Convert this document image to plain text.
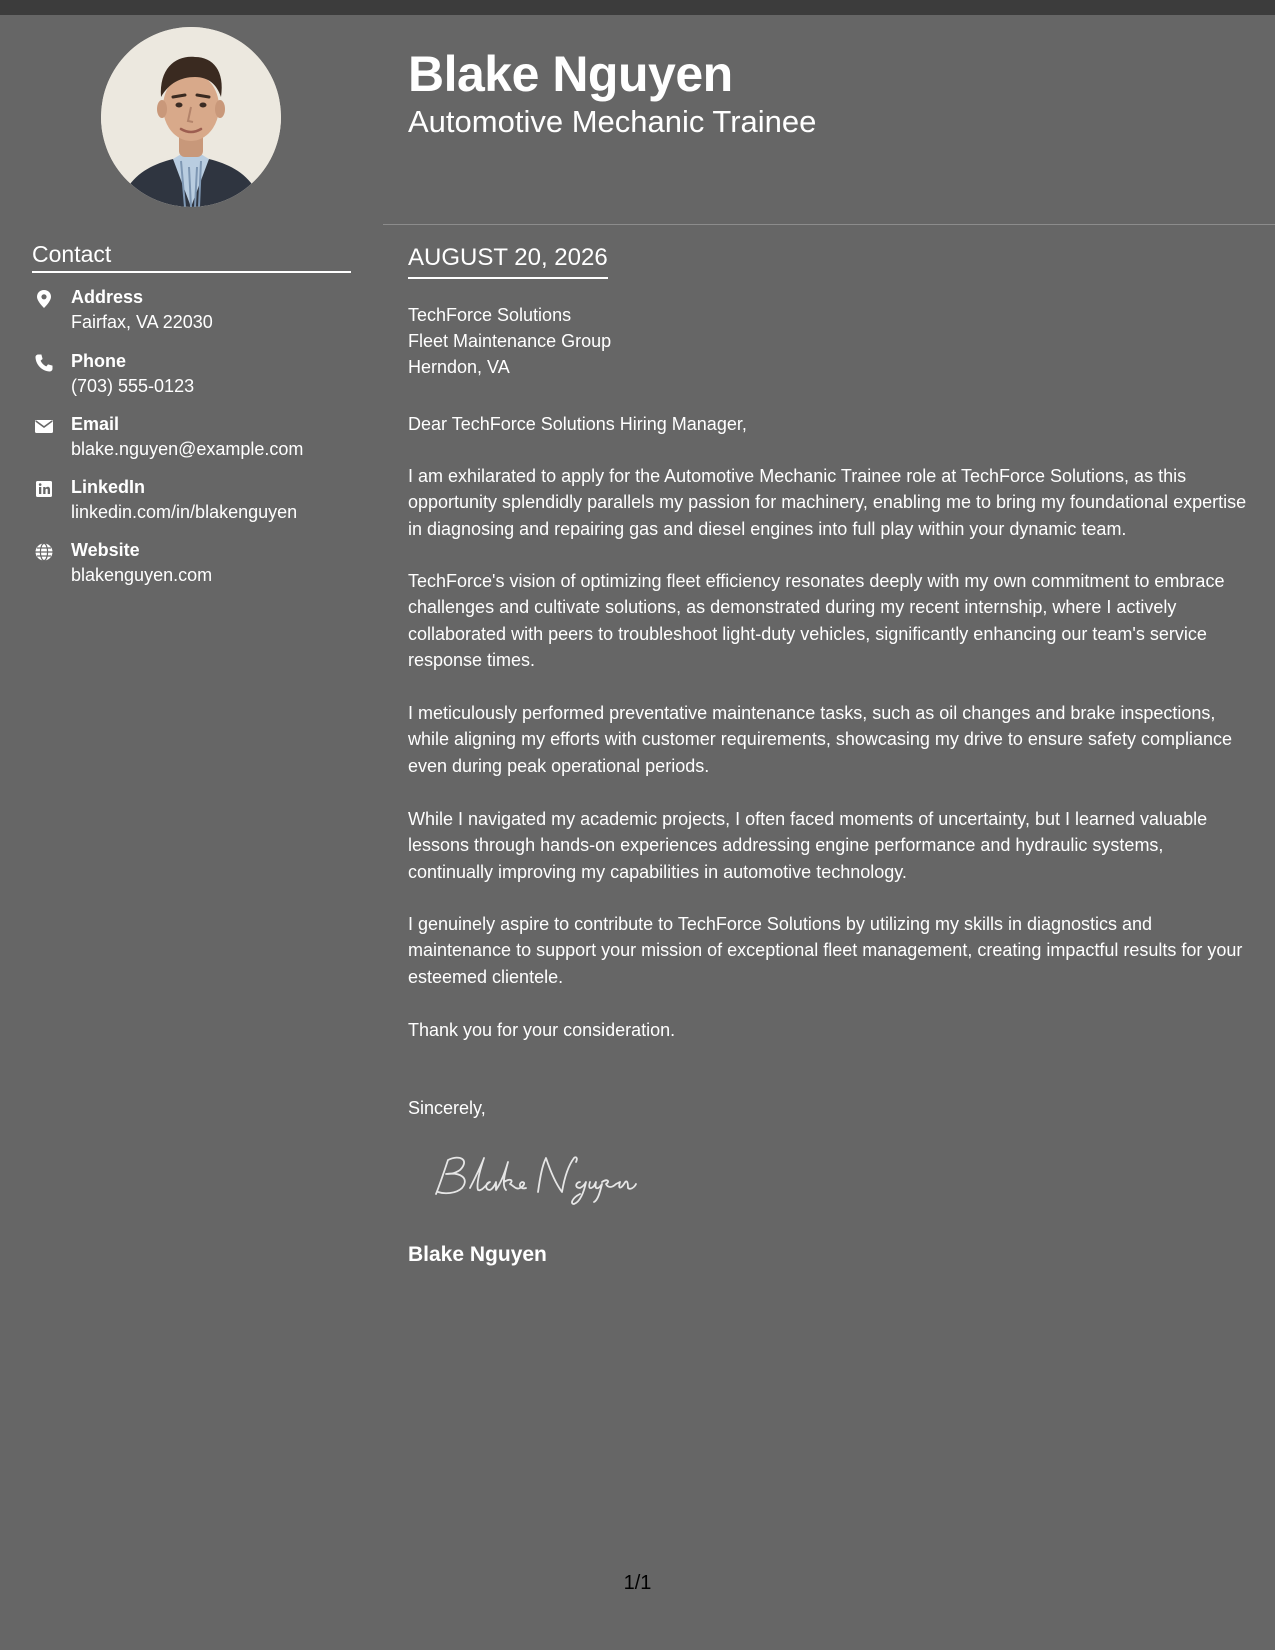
Blake Nguyen
Automotive Mechanic Trainee
Contact
Address
Fairfax, VA 22030
Phone
(703) 555-0123
Email
blake.nguyen@example.com
LinkedIn
linkedin.com/in/blakenguyen
Website
blakenguyen.com
AUGUST 20, 2026
TechForce Solutions
Fleet Maintenance Group
Herndon, VA
Dear TechForce Solutions Hiring Manager,

I am exhilarated to apply for the Automotive Mechanic Trainee role at TechForce Solutions, as this opportunity splendidly parallels my passion for machinery, enabling me to bring my foundational expertise in diagnosing and repairing gas and diesel engines into full play within your dynamic team.

TechForce's vision of optimizing fleet efficiency resonates deeply with my own commitment to embrace challenges and cultivate solutions, as demonstrated during my recent internship, where I actively collaborated with peers to troubleshoot light-duty vehicles, significantly enhancing our team's service response times.

I meticulously performed preventative maintenance tasks, such as oil changes and brake inspections, while aligning my efforts with customer requirements, showcasing my drive to ensure safety compliance even during peak operational periods.

While I navigated my academic projects, I often faced moments of uncertainty, but I learned valuable lessons through hands-on experiences addressing engine performance and hydraulic systems, continually improving my capabilities in automotive technology.

I genuinely aspire to contribute to TechForce Solutions by utilizing my skills in diagnostics and maintenance to support your mission of exceptional fleet management, creating impactful results for your esteemed clientele.

Thank you for your consideration.
Sincerely,
Blake Nguyen
1/1
